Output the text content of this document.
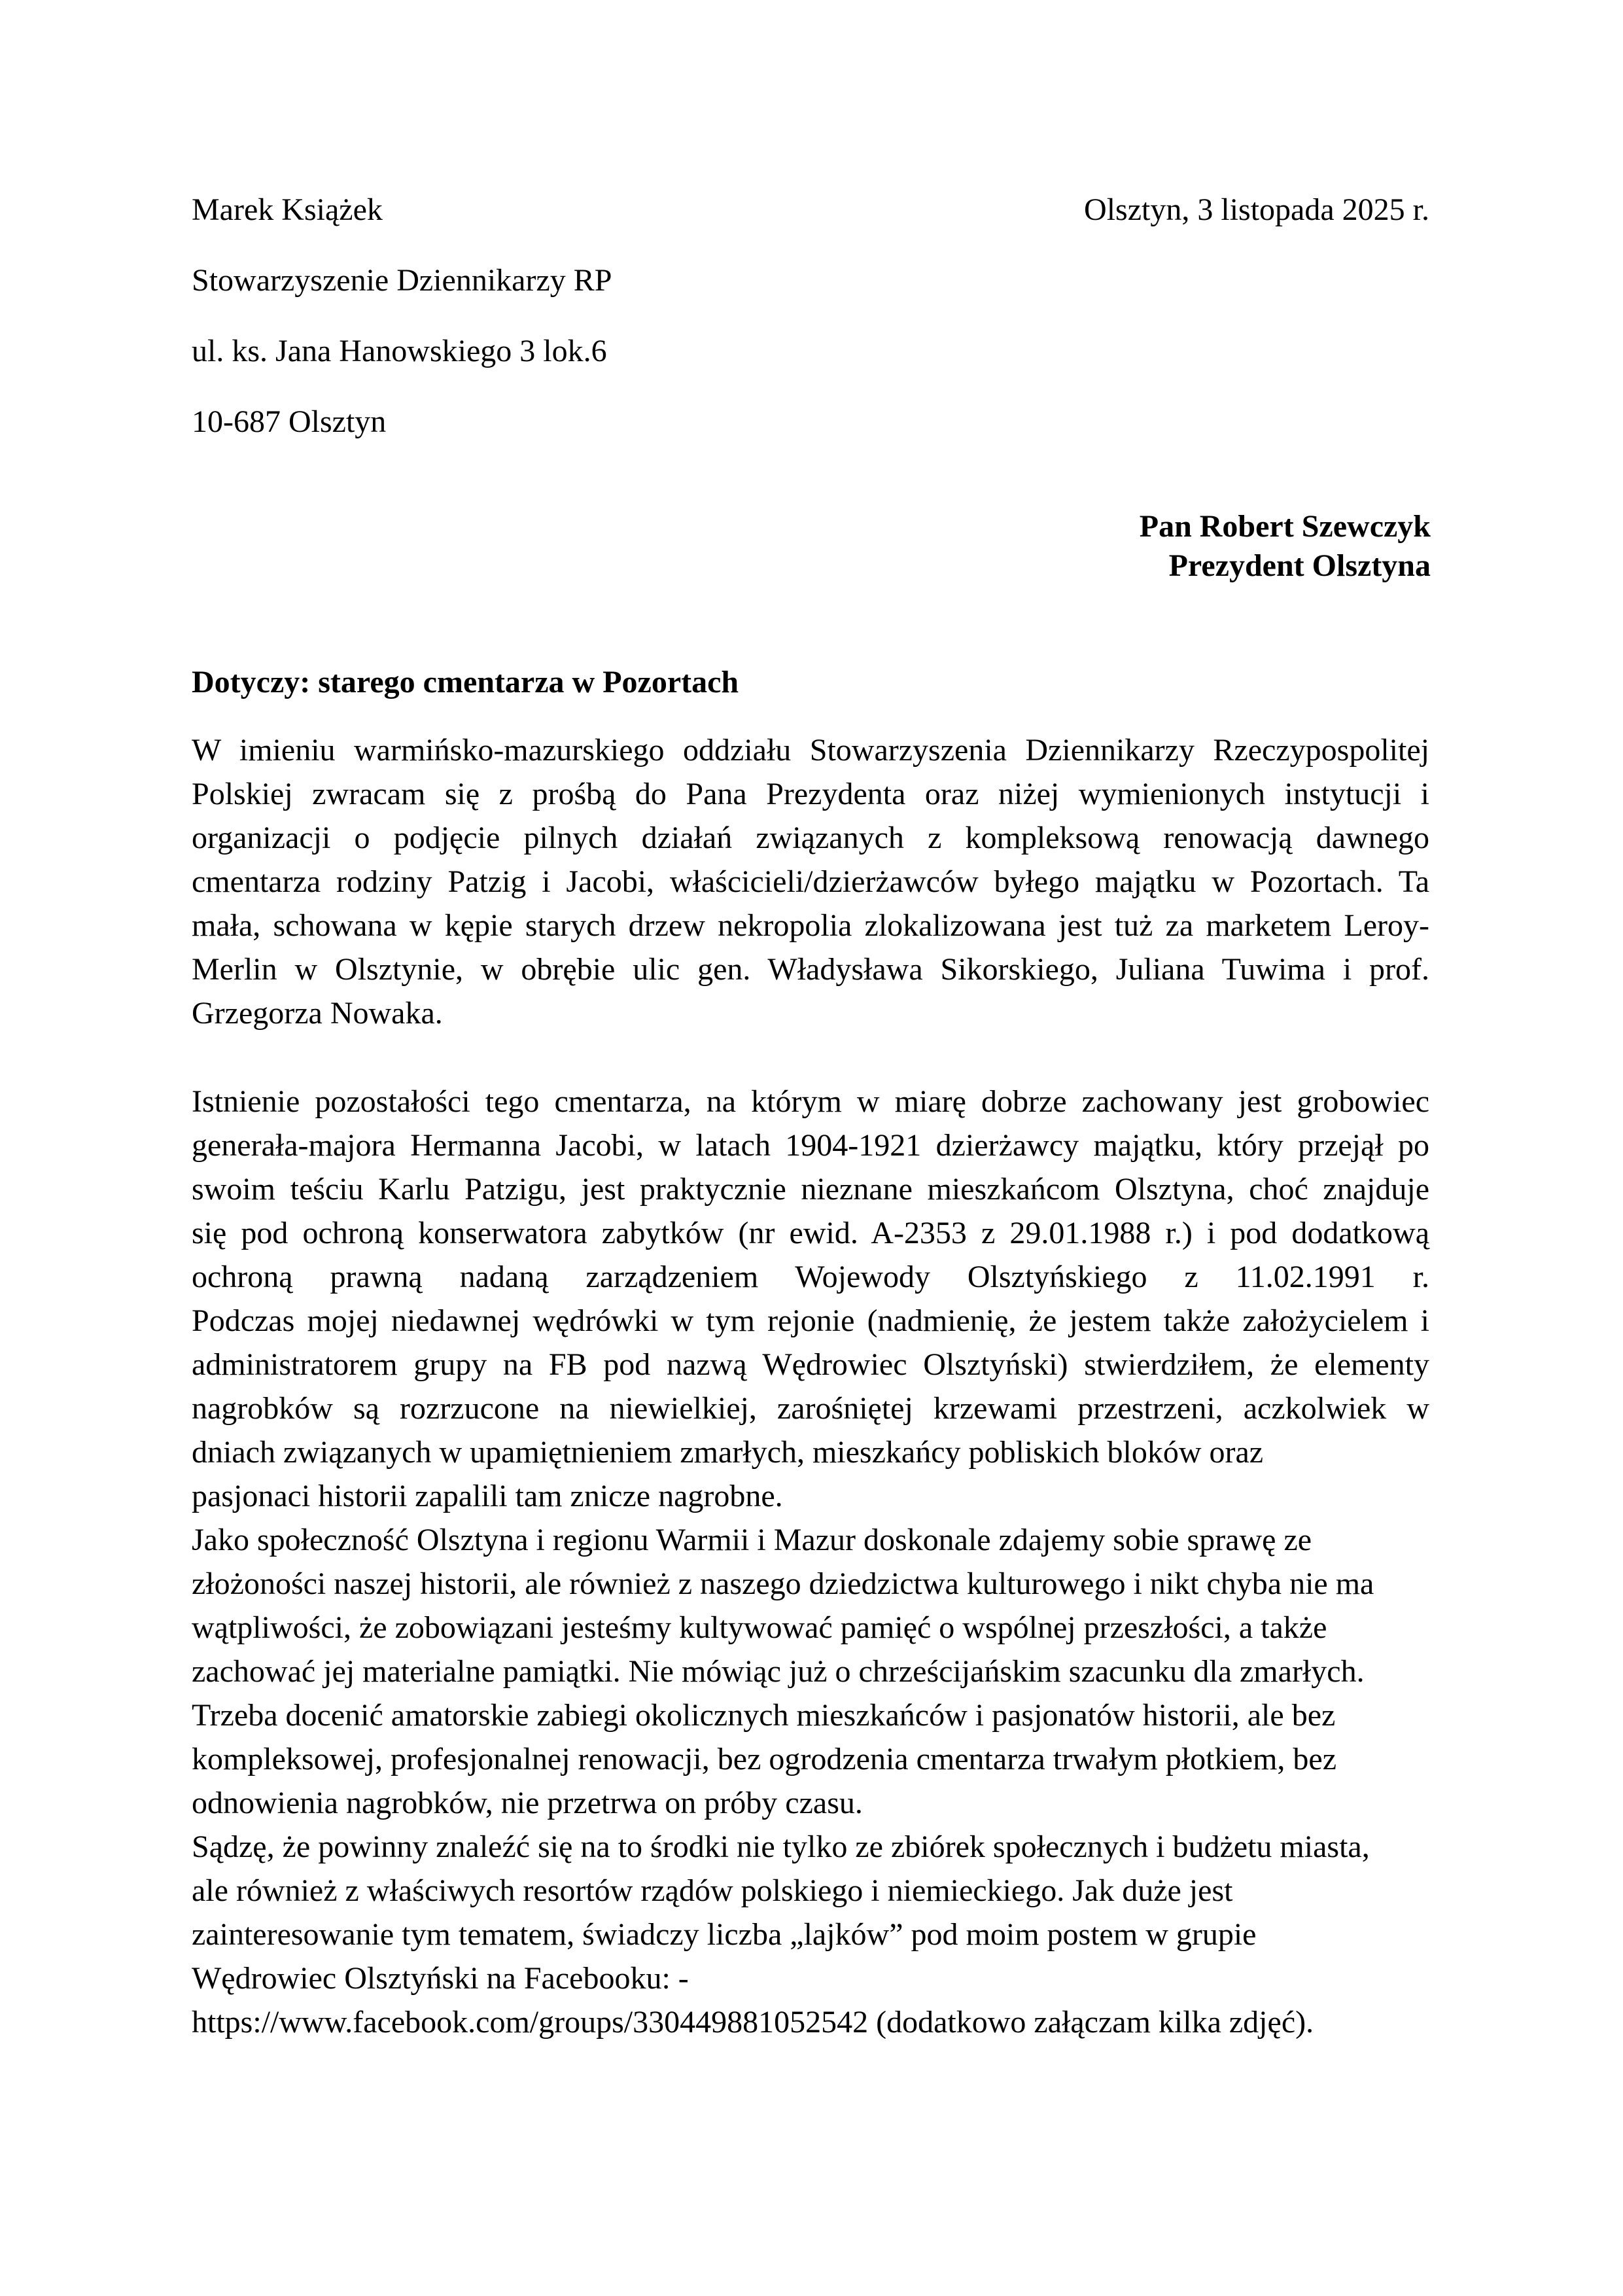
Marek Książek
Stowarzyszenie Dziennikarzy RP
ul. ks. Jana Hanowskiego 3 lok.6
10-687 Olsztyn
Olsztyn, 3 listopada 2025 r.
Pan Robert Szewczyk
Prezydent Olsztyna
Dotyczy: starego cmentarza w Pozortach
W imieniu warmińsko-mazurskiego oddziału Stowarzyszenia Dziennikarzy Rzeczypospolitej
Polskiej zwracam się z prośbą do Pana Prezydenta oraz niżej wymienionych instytucji i
organizacji o podjęcie pilnych działań związanych z kompleksową renowacją dawnego
cmentarza rodziny Patzig i Jacobi, właścicieli/dzierżawców byłego majątku w Pozortach. Ta
mała, schowana w kępie starych drzew nekropolia zlokalizowana jest tuż za marketem Leroy-
Merlin w Olsztynie, w obrębie ulic gen. Władysława Sikorskiego, Juliana Tuwima i prof.
Grzegorza Nowaka.
Istnienie pozostałości tego cmentarza, na którym w miarę dobrze zachowany jest grobowiec
generała-majora Hermanna Jacobi, w latach 1904-1921 dzierżawcy majątku, który przejął po
swoim teściu Karlu Patzigu, jest praktycznie nieznane mieszkańcom Olsztyna, choć znajduje
się pod ochroną konserwatora zabytków (nr ewid. A-2353 z 29.01.1988 r.) i pod dodatkową
ochroną prawną nadaną zarządzeniem Wojewody Olsztyńskiego z 11.02.1991 r.
Podczas mojej niedawnej wędrówki w tym rejonie (nadmienię, że jestem także założycielem i
administratorem grupy na FB pod nazwą Wędrowiec Olsztyński) stwierdziłem, że elementy
nagrobków są rozrzucone na niewielkiej, zarośniętej krzewami przestrzeni, aczkolwiek w
dniach związanych w upamiętnieniem zmarłych, mieszkańcy pobliskich bloków oraz
pasjonaci historii zapalili tam znicze nagrobne.
Jako społeczność Olsztyna i regionu Warmii i Mazur doskonale zdajemy sobie sprawę ze
złożoności naszej historii, ale również z naszego dziedzictwa kulturowego i nikt chyba nie ma
wątpliwości, że zobowiązani jesteśmy kultywować pamięć o wspólnej przeszłości, a także
zachować jej materialne pamiątki. Nie mówiąc już o chrześcijańskim szacunku dla zmarłych.
Trzeba docenić amatorskie zabiegi okolicznych mieszkańców i pasjonatów historii, ale bez
kompleksowej, profesjonalnej renowacji, bez ogrodzenia cmentarza trwałym płotkiem, bez
odnowienia nagrobków, nie przetrwa on próby czasu.
Sądzę, że powinny znaleźć się na to środki nie tylko ze zbiórek społecznych i budżetu miasta,
ale również z właściwych resortów rządów polskiego i niemieckiego. Jak duże jest
zainteresowanie tym tematem, świadczy liczba „lajków” pod moim postem w grupie
Wędrowiec Olsztyński na Facebooku: -
https://www.facebook.com/groups/330449881052542 (dodatkowo załączam kilka zdjęć).
